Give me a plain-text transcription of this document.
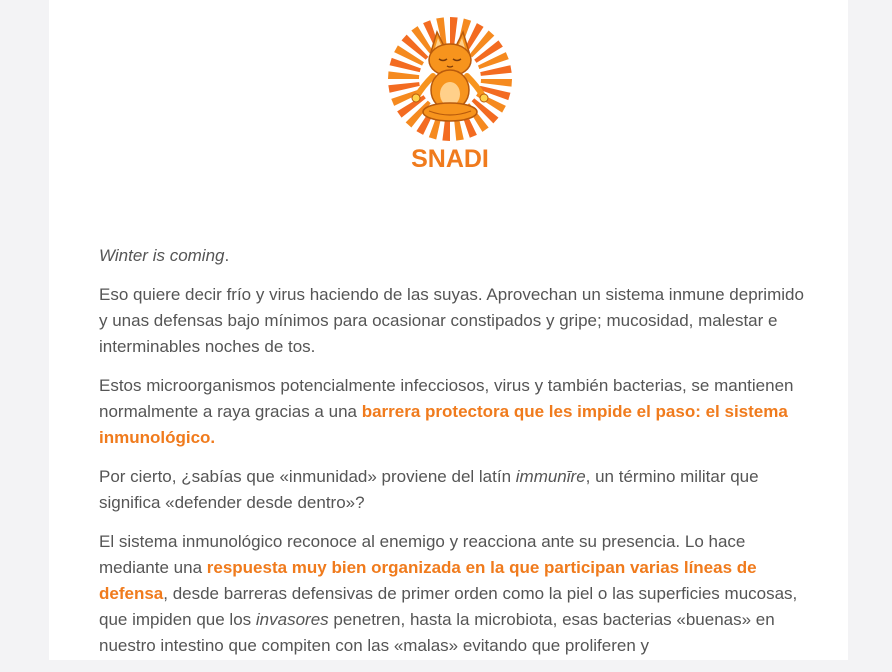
SNADI

Winter is coming.

Eso quiere decir frío y virus haciendo de las suyas. Aprovechan un sistema inmune deprimido y unas defensas bajo mínimos para ocasionar constipados y gripe; mucosidad, malestar e interminables noches de tos.

Estos microorganismos potencialmente infecciosos, virus y también bacterias, se mantienen normalmente a raya gracias a una barrera protectora que les impide el paso: el sistema inmunológico.

Por cierto, ¿sabías que «inmunidad» proviene del latín immunīre, un término militar que significa «defender desde dentro»?

El sistema inmunológico reconoce al enemigo y reacciona ante su presencia. Lo hace mediante una respuesta muy bien organizada en la que participan varias líneas de defensa, desde barreras defensivas de primer orden como la piel o las superficies mucosas, que impiden que los invasores penetren, hasta la microbiota, esas bacterias «buenas» en nuestro intestino que compiten con las «malas» evitando que proliferen y
